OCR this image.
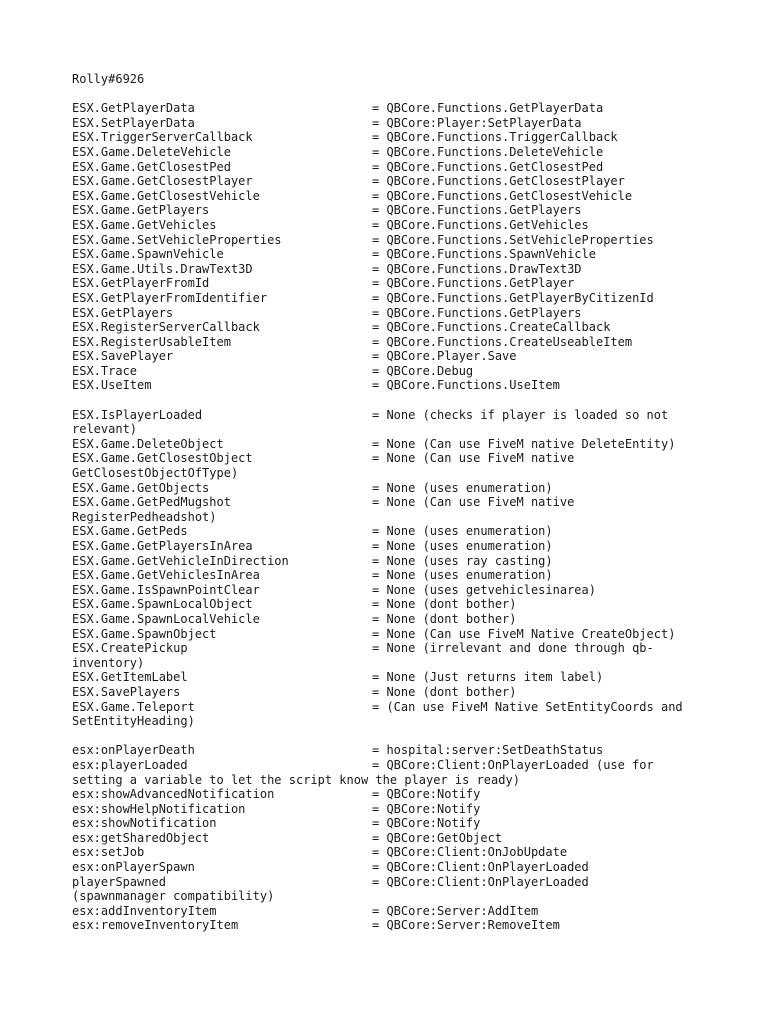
Rolly#6926
ESX.GetPlayerData	= QBCore.Functions.GetPlayerData
ESX.SetPlayerData	= QBCore:Player:SetPlayerData
ESX.TriggerServerCallback	= QBCore.Functions.TriggerCallback
ESX.Game.DeleteVehicle	= QBCore.Functions.DeleteVehicle
ESX.Game.GetClosestPed	= QBCore.Functions.GetClosestPed
ESX.Game.GetClosestPlayer	= QBCore.Functions.GetClosestPlayer
ESX.Game.GetClosestVehicle	= QBCore.Functions.GetClosestVehicle
ESX.Game.GetPlayers	= QBCore.Functions.GetPlayers
ESX.Game.GetVehicles	= QBCore.Functions.GetVehicles
ESX.Game.SetVehicleProperties	= QBCore.Functions.SetVehicleProperties
ESX.Game.SpawnVehicle	= QBCore.Functions.SpawnVehicle
ESX.Game.Utils.DrawText3D	= QBCore.Functions.DrawText3D
ESX.GetPlayerFromId	= QBCore.Functions.GetPlayer
ESX.GetPlayerFromIdentifier	= QBCore.Functions.GetPlayerByCitizenId
ESX.GetPlayers	= QBCore.Functions.GetPlayers
ESX.RegisterServerCallback	= QBCore.Functions.CreateCallback
ESX.RegisterUsableItem	= QBCore.Functions.CreateUseableItem
ESX.SavePlayer	= QBCore.Player.Save
ESX.Trace	= QBCore.Debug
ESX.UseItem	= QBCore.Functions.UseItem
ESX.IsPlayerLoaded	= None (checks if player is loaded so not
relevant)
ESX.Game.DeleteObject	= None (Can use FiveM native DeleteEntity)
ESX.Game.GetClosestObject	= None (Can use FiveM native
GetClosestObjectOfType)
ESX.Game.GetObjects	= None (uses enumeration)
ESX.Game.GetPedMugshot	= None (Can use FiveM native
RegisterPedheadshot)
ESX.Game.GetPeds	= None (uses enumeration)
ESX.Game.GetPlayersInArea	= None (uses enumeration)
ESX.Game.GetVehicleInDirection	= None (uses ray casting)
ESX.Game.GetVehiclesInArea	= None (uses enumeration)
ESX.Game.IsSpawnPointClear	= None (uses getvehiclesinarea)
ESX.Game.SpawnLocalObject	= None (dont bother)
ESX.Game.SpawnLocalVehicle	= None (dont bother)
ESX.Game.SpawnObject	= None (Can use FiveM Native CreateObject)
ESX.CreatePickup	= None (irrelevant and done through qb-
inventory)
ESX.GetItemLabel	= None (Just returns item label)
ESX.SavePlayers	= None (dont bother)
ESX.Game.Teleport	= (Can use FiveM Native SetEntityCoords and
SetEntityHeading)
esx:onPlayerDeath	= hospital:server:SetDeathStatus
esx:playerLoaded	= QBCore:Client:OnPlayerLoaded (use for
setting a variable to let the script know the player is ready)
esx:showAdvancedNotification	= QBCore:Notify
esx:showHelpNotification	= QBCore:Notify
esx:showNotification	= QBCore:Notify
esx:getSharedObject	= QBCore:GetObject
esx:setJob	= QBCore:Client:OnJobUpdate
esx:onPlayerSpawn	= QBCore:Client:OnPlayerLoaded
playerSpawned	= QBCore:Client:OnPlayerLoaded
(spawnmanager compatibility)
esx:addInventoryItem	= QBCore:Server:AddItem
esx:removeInventoryItem	= QBCore:Server:RemoveItem
